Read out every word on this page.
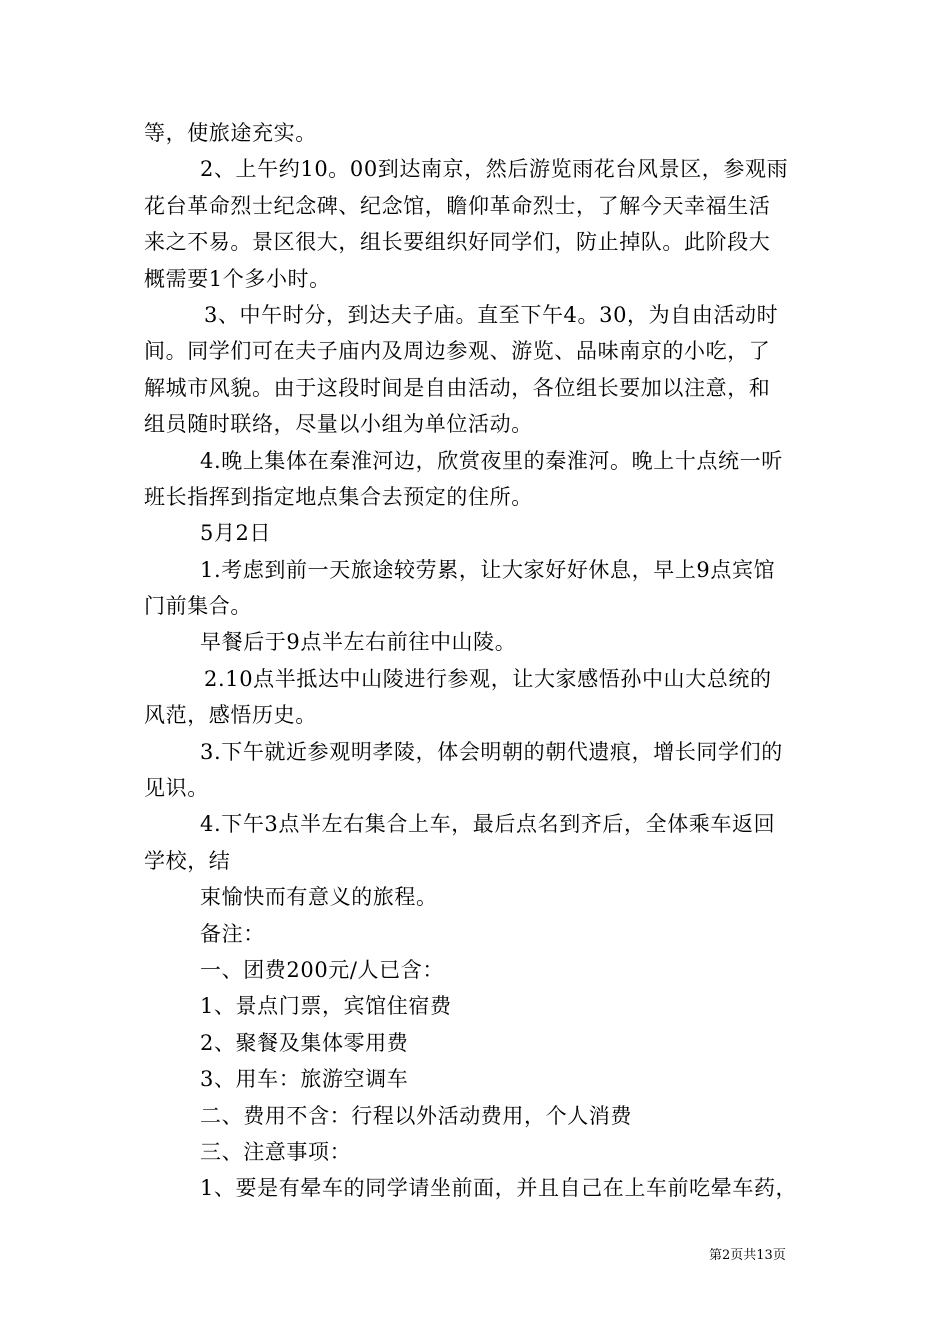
等，使旅途充实。
2、上午约10。00到达南京，然后游览雨花台风景区，参观雨
花台革命烈士纪念碑、纪念馆，瞻仰革命烈士，了解今天幸福生活
来之不易。景区很大，组长要组织好同学们，防止掉队。此阶段大
概需要1个多小时。
3、中午时分，到达夫子庙。直至下午4。30，为自由活动时
间。同学们可在夫子庙内及周边参观、游览、品味南京的小吃，了
解城市风貌。由于这段时间是自由活动，各位组长要加以注意，和
组员随时联络，尽量以小组为单位活动。
4.晚上集体在秦淮河边，欣赏夜里的秦淮河。晚上十点统一听
班长指挥到指定地点集合去预定的住所。
5月2日
1.考虑到前一天旅途较劳累，让大家好好休息，早上9点宾馆
门前集合。
早餐后于9点半左右前往中山陵。
2.10点半抵达中山陵进行参观，让大家感悟孙中山大总统的
风范，感悟历史。
3.下午就近参观明孝陵，体会明朝的朝代遗痕，增长同学们的
见识。
4.下午3点半左右集合上车，最后点名到齐后，全体乘车返回
学校，结
束愉快而有意义的旅程。
备注：
一、团费200元/人已含：
1、景点门票，宾馆住宿费
2、聚餐及集体零用费
3、用车：旅游空调车
二、费用不含：行程以外活动费用，个人消费
三、注意事项：
1、要是有晕车的同学请坐前面，并且自己在上车前吃晕车药，
第2页共13页
